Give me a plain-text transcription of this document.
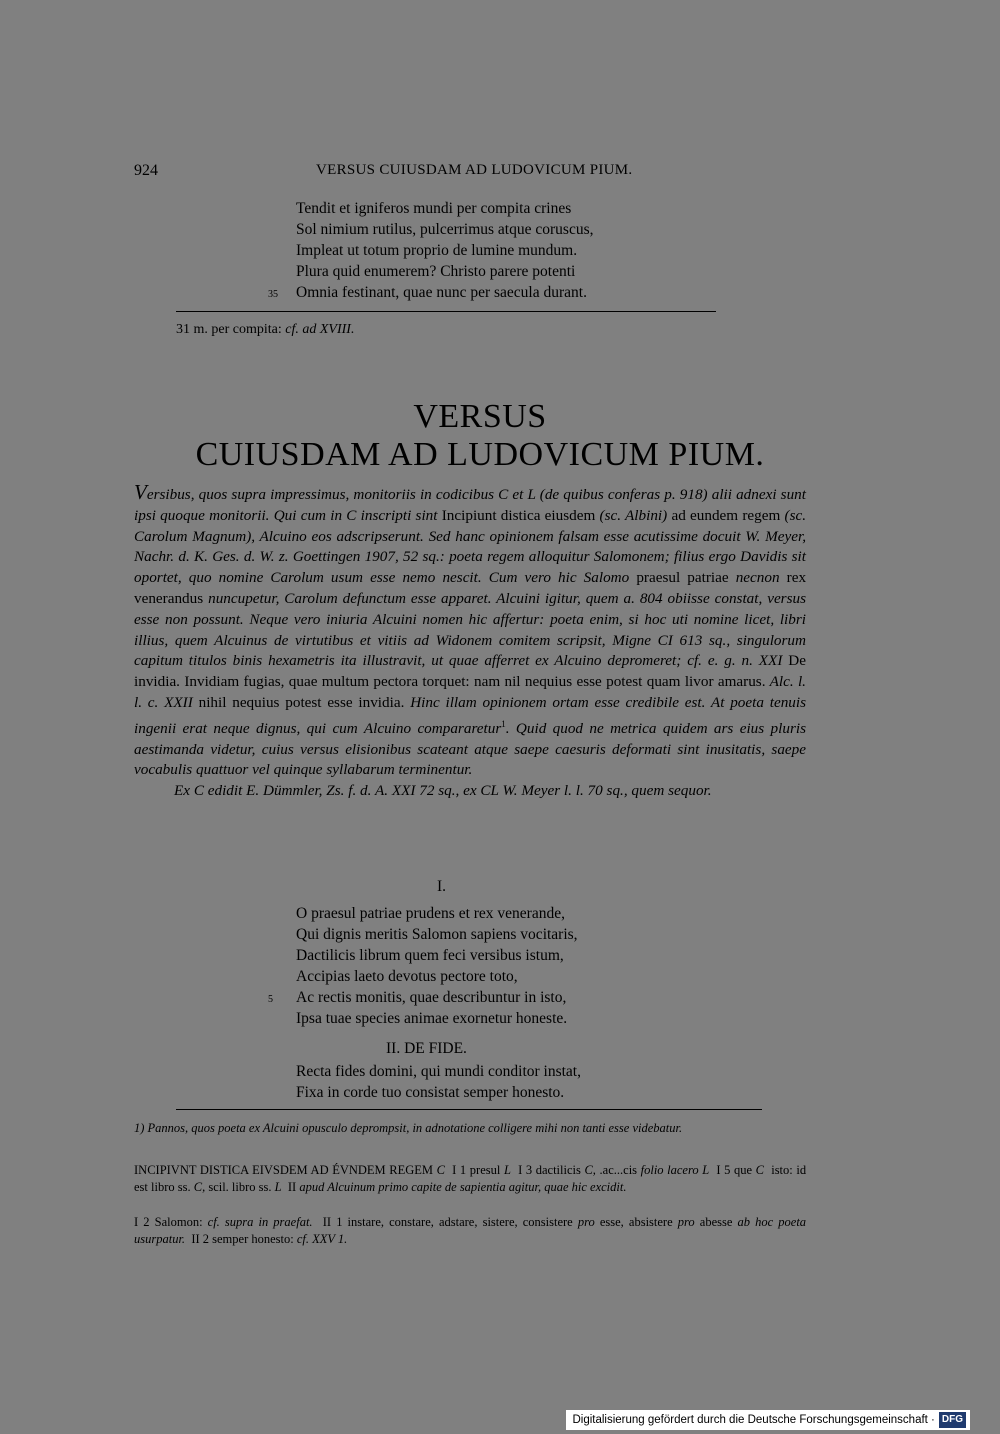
924	VERSUS CUIUSDAM AD LUDOVICUM PIUM.
Tendit et igniferos mundi per compita crines
Sol nimium rutilus, pulcerrimus atque coruscus,
Impleat ut totum proprio de lumine mundum.
Plura quid enumerem? Christo parere potenti
35 Omnia festinant, quae nunc per saecula durant.
31 m. per compita: cf. ad XVIII.
VERSUS
CUIUSDAM AD LUDOVICUM PIUM.

Versibus, quos supra impressimus, monitoriis in codicibus C et L (de quibus conferas p. 918) alii adnexi sunt ipsi quoque monitorii. Qui cum in C inscripti sint Incipiunt distica eiusdem (sc. Albini) ad eundem regem (sc. Carolum Magnum), Alcuino eos adscripserunt. Sed hanc opinionem falsam esse acutissime docuit W. Meyer, Nachr. d. K. Ges. d. W. z. Goettingen 1907, 52 sq.: poeta regem alloquitur Salomonem; filius ergo Davidis sit oportet, quo nomine Carolum usum esse nemo nescit. Cum vero hic Salomo praesul patriae necnon rex venerandus nuncupetur, Carolum defunctum esse apparet. Alcuini igitur, quem a. 804 obiisse constat, versus esse non possunt. Neque vero iniuria Alcuini nomen hic affertur: poeta enim, si hoc uti nomine licet, libri illius, quem Alcuinus de virtutibus et vitiis ad Widonem comitem scripsit, Migne CI 613 sq., singulorum capitum titulos binis hexametris ita illustravit, ut quae afferret ex Alcuino depromeret; cf. e. g. n. XXI De invidia. Invidiam fugias, quae multum pectora torquet: nam nil nequius esse potest quam livor amarus. Alc. l. l. c. XXII nihil nequius potest esse invidia. Hinc illam opinionem ortam esse credibile est. At poeta tenuis ingenii erat neque dignus, qui cum Alcuino compararetur$^1$. Quid quod ne metrica quidem ars eius pluris aestimanda videtur, cuius versus elisionibus scateant atque saepe caesuris deformati sint inusitatis, saepe vocabulis quattuor vel quinque syllabarum terminentur.

Ex C edidit E. Dümmler, Zs. f. d. A. XXI 72 sq., ex CL W. Meyer l. l. 70 sq., quem sequor.

I.
O praesul patriae prudens et rex venerande,
Qui dignis meritis Salomon sapiens vocitaris,
Dactilicis librum quem feci versibus istum,
Accipias laeto devotus pectore toto,
5 Ac rectis monitis, quae describuntur in isto,
Ipsa tuae species animae exornetur honeste.
II. DE FIDE.
Recta fides domini, qui mundi conditor instat,
Fixa in corde tuo consistat semper honesto.
1) Pannos, quos poeta ex Alcuini opusculo deprompsit, in adnotatione colligere mihi non tanti esse videbatur.
INCIPIVNT DISTICA EIVSDEM AD ÉVNDEM REGEM C I 1 presul L I 3 dactilicis C, .ac...cis folio lacero L I 5 que C isto: id est libro ss. C, scil. libro ss. L II apud Alcuinum primo capite de sapientia agitur, quae hic excidit.
I 2 Salomon: cf. supra in praefat. II 1 instare, constare, adstare, sistere, consistere pro esse, absistere pro abesse ab hoc poeta usurpatur. II 2 semper honesto: cf. XXV 1.
Digitalisierung gefördert durch die Deutsche Forschungsgemeinschaft · DFG
